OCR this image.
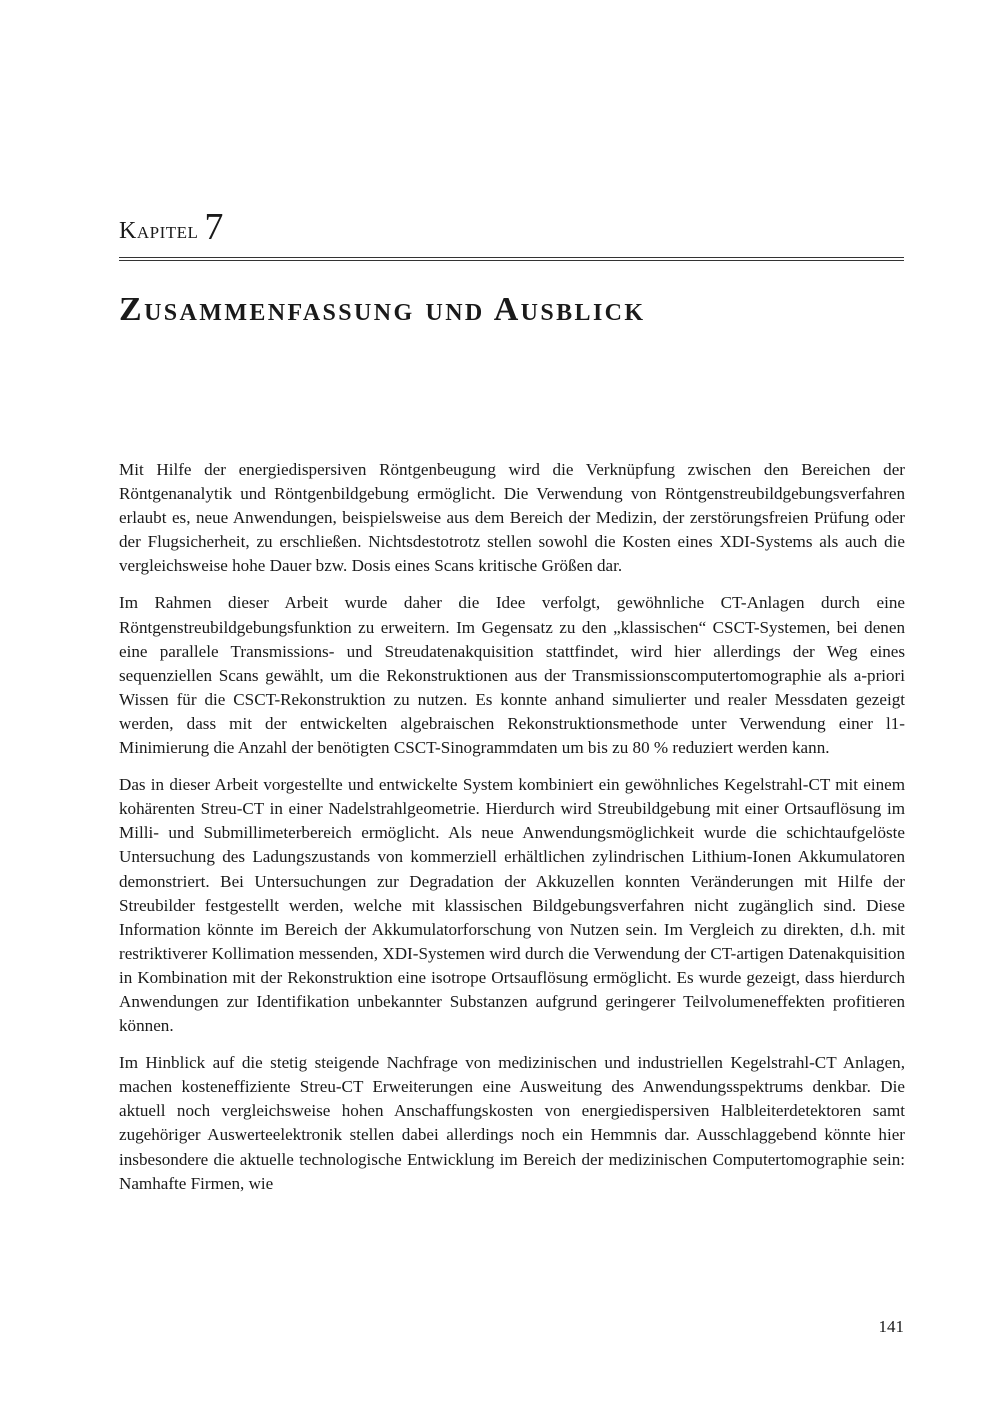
Kapitel 7
Zusammenfassung und Ausblick

Mit Hilfe der energiedispersiven Röntgenbeugung wird die Verknüpfung zwischen den Bereichen der Röntgenanalytik und Röntgenbildgebung ermöglicht. Die Verwendung von Röntgenstreubildgebungsverfahren erlaubt es, neue Anwendungen, beispielsweise aus dem Bereich der Medizin, der zerstörungsfreien Prüfung oder der Flugsicherheit, zu erschließen. Nichtsdestotrotz stellen sowohl die Kosten eines XDI-Systems als auch die vergleichsweise hohe Dauer bzw. Dosis eines Scans kritische Größen dar.

Im Rahmen dieser Arbeit wurde daher die Idee verfolgt, gewöhnliche CT-Anlagen durch eine Röntgenstreubildgebungsfunktion zu erweitern. Im Gegensatz zu den „klassischen“ CSCT-Systemen, bei denen eine parallele Transmissions- und Streudatenakquisition stattfindet, wird hier allerdings der Weg eines sequenziellen Scans gewählt, um die Rekonstruktionen aus der Transmissionscomputertomographie als a-priori Wissen für die CSCT-Rekonstruktion zu nutzen. Es konnte anhand simulierter und realer Messdaten gezeigt werden, dass mit der entwickelten algebraischen Rekonstruktionsmethode unter Verwendung einer l1-Minimierung die Anzahl der benötigten CSCT-Sinogrammdaten um bis zu 80 % reduziert werden kann.

Das in dieser Arbeit vorgestellte und entwickelte System kombiniert ein gewöhnliches Kegelstrahl-CT mit einem kohärenten Streu-CT in einer Nadelstrahlgeometrie. Hierdurch wird Streubildgebung mit einer Ortsauflösung im Milli- und Submillimeterbereich ermöglicht. Als neue Anwendungsmöglichkeit wurde die schichtaufgelöste Untersuchung des Ladungszustands von kommerziell erhältlichen zylindrischen Lithium-Ionen Akkumulatoren demonstriert. Bei Untersuchungen zur Degradation der Akkuzellen konnten Veränderungen mit Hilfe der Streubilder festgestellt werden, welche mit klassischen Bildgebungsverfahren nicht zugänglich sind. Diese Information könnte im Bereich der Akkumulatorforschung von Nutzen sein. Im Vergleich zu direkten, d.h. mit restriktiverer Kollimation messenden, XDI-Systemen wird durch die Verwendung der CT-artigen Datenakquisition in Kombination mit der Rekonstruktion eine isotrope Ortsauflösung ermöglicht. Es wurde gezeigt, dass hierdurch Anwendungen zur Identifikation unbekannter Substanzen aufgrund geringerer Teilvolumeneffekten profitieren können.

Im Hinblick auf die stetig steigende Nachfrage von medizinischen und industriellen Kegelstrahl-CT Anlagen, machen kosteneffiziente Streu-CT Erweiterungen eine Ausweitung des Anwendungsspektrums denkbar. Die aktuell noch vergleichsweise hohen Anschaffungskosten von energiedispersiven Halbleiterdetektoren samt zugehöriger Auswerteelektronik stellen dabei allerdings noch ein Hemmnis dar. Ausschlaggebend könnte hier insbesondere die aktuelle technologische Entwicklung im Bereich der medizinischen Computertomographie sein: Namhafte Firmen, wie

141
